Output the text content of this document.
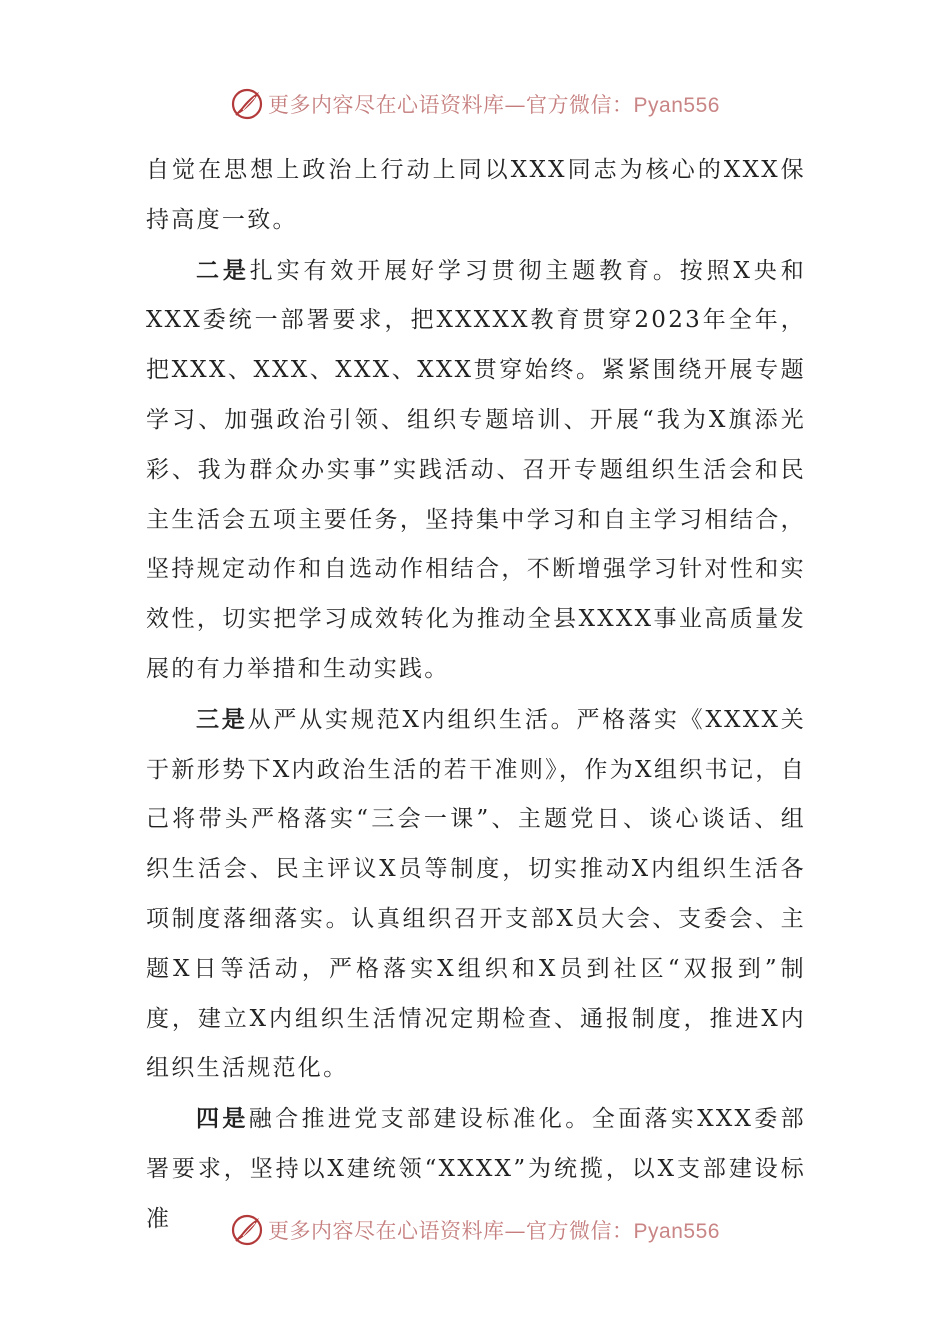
更多内容尽在心语资料库—官方微信：Pyan556

自觉在思想上政治上行动上同以XXX同志为核心的XXX保持高度一致。

二是扎实有效开展好学习贯彻主题教育。按照X央和XXX委统一部署要求，把XXXXX教育贯穿2023年全年，把XXX、XXX、XXX、XXX贯穿始终。紧紧围绕开展专题学习、加强政治引领、组织专题培训、开展“我为X旗添光彩、我为群众办实事”实践活动、召开专题组织生活会和民主生活会五项主要任务，坚持集中学习和自主学习相结合，坚持规定动作和自选动作相结合，不断增强学习针对性和实效性，切实把学习成效转化为推动全县XXXX事业高质量发展的有力举措和生动实践。

三是从严从实规范X内组织生活。严格落实《XXXX关于新形势下X内政治生活的若干准则》，作为X组织书记，自己将带头严格落实“三会一课”、主题党日、谈心谈话、组织生活会、民主评议X员等制度，切实推动X内组织生活各项制度落细落实。认真组织召开支部X员大会、支委会、主题X日等活动，严格落实X组织和X员到社区“双报到”制度，建立X内组织生活情况定期检查、通报制度，推进X内组织生活规范化。

四是融合推进党支部建设标准化。全面落实XXX委部署要求，坚持以X建统领“XXXX”为统揽，以X支部建设标准	更多内容尽在心语资料库—官方微信：Pyan556
